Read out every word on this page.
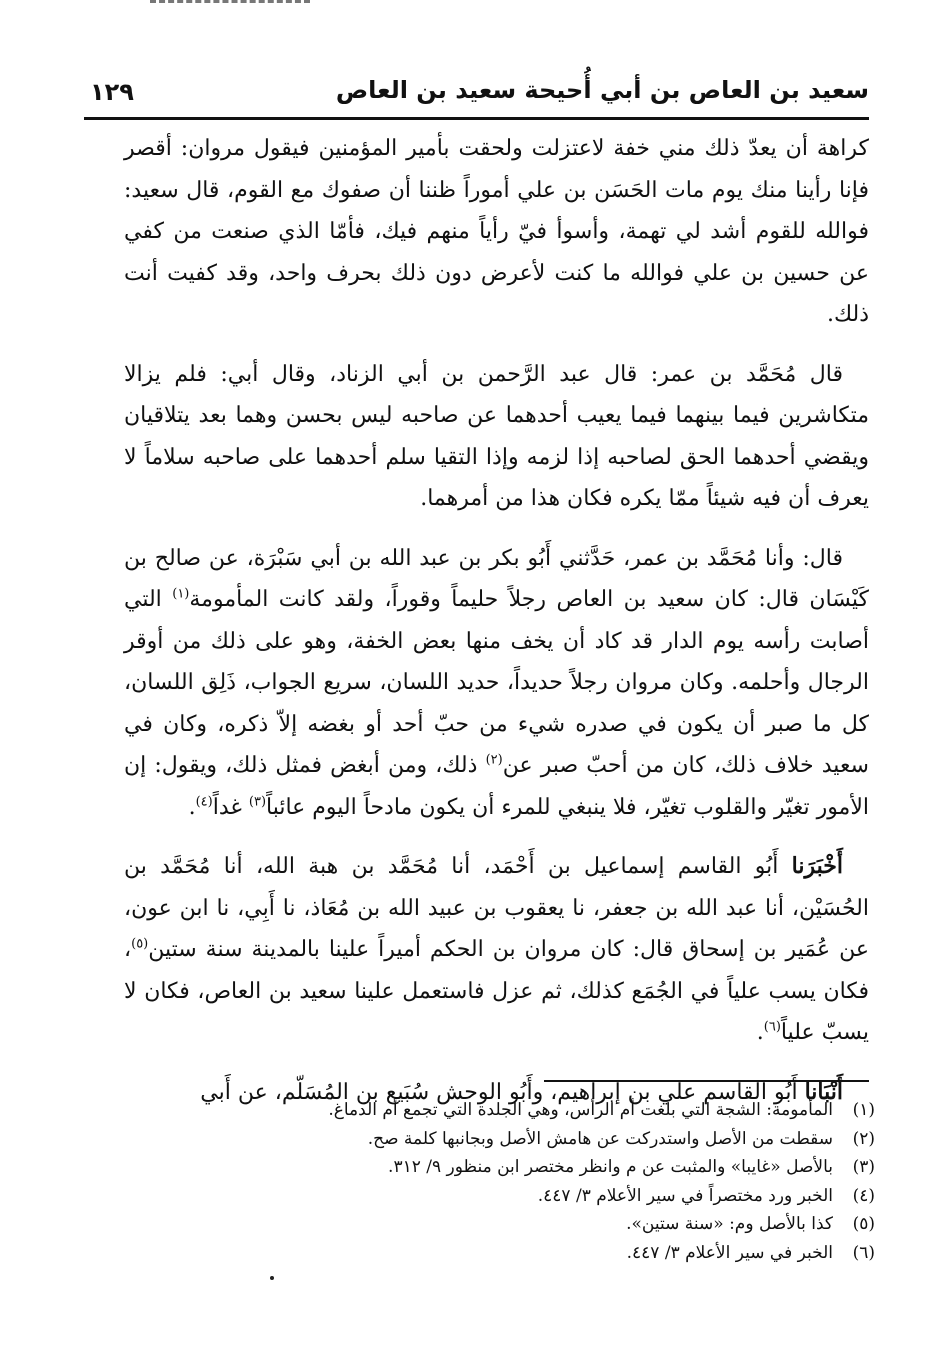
سعيد بن العاص بن أبي أُحيحة سعيد بن العاص
١٢٩

كراهة أن يعدّ ذلك مني خفة لاعتزلت ولحقت بأمير المؤمنين فيقول مروان: أقصر فإنا رأينا منك يوم مات الحَسَن بن علي أموراً ظننا أن صفوك مع القوم، قال سعيد: فوالله للقوم أشد لي تهمة، وأسوأ فيّ رأياً منهم فيك، فأمّا الذي صنعت من كفي عن حسين بن علي فوالله ما كنت لأعرض دون ذلك بحرف واحد، وقد كفيت أنت ذلك.

قال مُحَمَّد بن عمر: قال عبد الرَّحمن بن أبي الزناد، وقال أبي: فلم يزالا متكاشرين فيما بينهما فيما يعيب أحدهما عن صاحبه ليس بحسن وهما بعد يتلاقيان ويقضي أحدهما الحق لصاحبه إذا لزمه وإذا التقيا سلم أحدهما على صاحبه سلاماً لا يعرف أن فيه شيئاً ممّا يكره فكان هذا من أمرهما.

قال: وأنا مُحَمَّد بن عمر، حَدَّثني أَبُو بكر بن عبد الله بن أبي سَبْرَة، عن صالح بن كَيْسَان قال: كان سعيد بن العاص رجلاً حليماً وقوراً، ولقد كانت المأمومة$^{(١)}$ التي أصابت رأسه يوم الدار قد كاد أن يخف منها بعض الخفة، وهو على ذلك من أوقر الرجال وأحلمه. وكان مروان رجلاً حديداً، حديد اللسان، سريع الجواب، ذَلِق اللسان، كل ما صبر أن يكون في صدره شيء من حبّ أحد أو بغضه إلاّ ذكره، وكان في سعيد خلاف ذلك، كان من أحبّ صبر عن$^{(٢)}$ ذلك، ومن أبغض فمثل ذلك، ويقول: إن الأمور تغيّر والقلوب تغيّر، فلا ينبغي للمرء أن يكون مادحاً اليوم عائباً$^{(٣)}$ غداً$^{(٤)}$.

أَخْبَرَنا أَبُو القاسم إسماعيل بن أَحْمَد، أنا مُحَمَّد بن هبة الله، أنا مُحَمَّد بن الحُسَيْن، أنا عبد الله بن جعفر، نا يعقوب بن عبيد الله بن مُعَاذ، نا أَبِي، نا ابن عون، عن عُمَير بن إسحاق قال: كان مروان بن الحكم أميراً علينا بالمدينة سنة ستين$^{(٥)}$، فكان يسب علياً في الجُمَع كذلك، ثم عزل فاستعمل علينا سعيد بن العاص، فكان لا يسبّ علياً$^{(٦)}$.

أَنْبَانا أَبُو القاسم علي بن إبراهيم، وأَبُو الوحش سُبَيع بن المُسَلّم، عن أَبي

(١)
المأمومة: الشجة التي بلغت أم الرأس، وهي الجلدة التي تجمع أم الدماغ.
(٢)
سقطت من الأصل واستدركت عن هامش الأصل وبجانبها كلمة صح.
(٣)
بالأصل «غايبا» والمثبت عن م وانظر مختصر ابن منظور ٩/ ٣١٢.
(٤)
الخبر ورد مختصراً في سير الأعلام ٣/ ٤٤٧.
(٥)
كذا بالأصل وم: «سنة ستين».
(٦)
الخبر في سير الأعلام ٣/ ٤٤٧.
